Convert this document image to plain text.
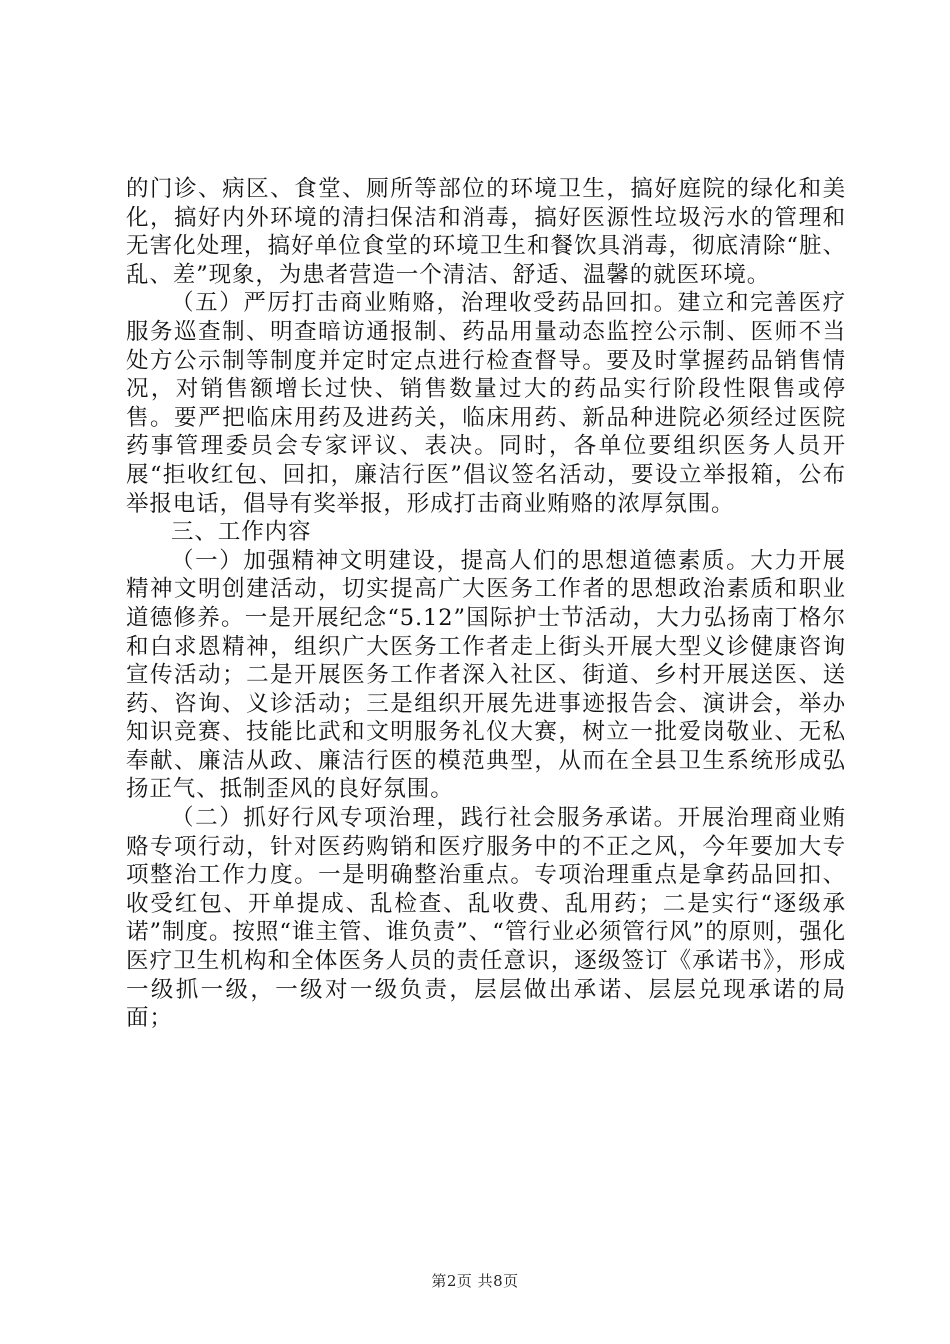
的门诊、病区、食堂、厕所等部位的环境卫生，搞好庭院的绿化和美化，搞好内外环境的清扫保洁和消毒，搞好医源性垃圾污水的管理和无害化处理，搞好单位食堂的环境卫生和餐饮具消毒，彻底清除“脏、乱、差”现象，为患者营造一个清洁、舒适、温馨的就医环境。

（五）严厉打击商业贿赂，治理收受药品回扣。建立和完善医疗服务巡查制、明查暗访通报制、药品用量动态监控公示制、医师不当处方公示制等制度并定时定点进行检查督导。要及时掌握药品销售情况，对销售额增长过快、销售数量过大的药品实行阶段性限售或停售。要严把临床用药及进药关，临床用药、新品种进院必须经过医院药事管理委员会专家评议、表决。同时，各单位要组织医务人员开展“拒收红包、回扣，廉洁行医”倡议签名活动，要设立举报箱，公布举报电话，倡导有奖举报，形成打击商业贿赂的浓厚氛围。

三、工作内容

（一）加强精神文明建设，提高人们的思想道德素质。大力开展精神文明创建活动，切实提高广大医务工作者的思想政治素质和职业道德修养。一是开展纪念“5.12”国际护士节活动，大力弘扬南丁格尔和白求恩精神，组织广大医务工作者走上街头开展大型义诊健康咨询宣传活动；二是开展医务工作者深入社区、街道、乡村开展送医、送药、咨询、义诊活动；三是组织开展先进事迹报告会、演讲会，举办知识竞赛、技能比武和文明服务礼仪大赛，树立一批爱岗敬业、无私奉献、廉洁从政、廉洁行医的模范典型，从而在全县卫生系统形成弘扬正气、抵制歪风的良好氛围。

（二）抓好行风专项治理，践行社会服务承诺。开展治理商业贿赂专项行动，针对医药购销和医疗服务中的不正之风，今年要加大专项整治工作力度。一是明确整治重点。专项治理重点是拿药品回扣、收受红包、开单提成、乱检查、乱收费、乱用药；二是实行“逐级承诺”制度。按照“谁主管、谁负责”、“管行业必须管行风”的原则，强化医疗卫生机构和全体医务人员的责任意识，逐级签订《承诺书》，形成一级抓一级，一级对一级负责，层层做出承诺、层层兑现承诺的局面；

第2页 共8页
